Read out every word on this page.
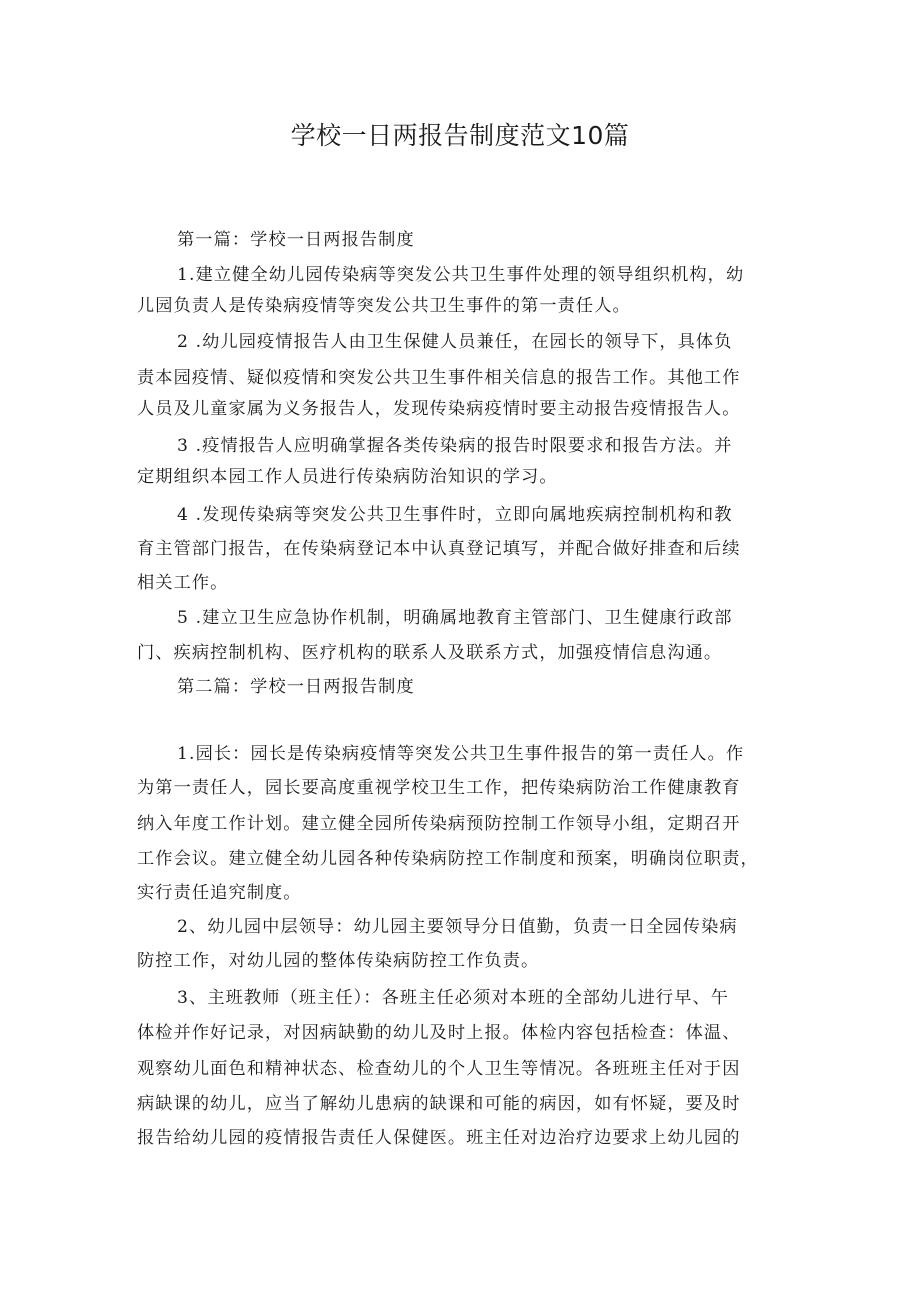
学校一日两报告制度范文10篇
第一篇：学校一日两报告制度
1.建立健全幼儿园传染病等突发公共卫生事件处理的领导组织机构，幼
儿园负责人是传染病疫情等突发公共卫生事件的第一责任人。
2 .幼儿园疫情报告人由卫生保健人员兼任，在园长的领导下，具体负
责本园疫情、疑似疫情和突发公共卫生事件相关信息的报告工作。其他工作
人员及儿童家属为义务报告人，发现传染病疫情时要主动报告疫情报告人。
3 .疫情报告人应明确掌握各类传染病的报告时限要求和报告方法。并
定期组织本园工作人员进行传染病防治知识的学习。
4 .发现传染病等突发公共卫生事件时，立即向属地疾病控制机构和教
育主管部门报告，在传染病登记本中认真登记填写，并配合做好排查和后续
相关工作。
5 .建立卫生应急协作机制，明确属地教育主管部门、卫生健康行政部
门、疾病控制机构、医疗机构的联系人及联系方式，加强疫情信息沟通。
第二篇：学校一日两报告制度
1.园长：园长是传染病疫情等突发公共卫生事件报告的第一责任人。作
为第一责任人，园长要高度重视学校卫生工作，把传染病防治工作健康教育
纳入年度工作计划。建立健全园所传染病预防控制工作领导小组，定期召开
工作会议。建立健全幼儿园各种传染病防控工作制度和预案，明确岗位职责，
实行责任追究制度。
2、幼儿园中层领导：幼儿园主要领导分日值勤，负责一日全园传染病
防控工作，对幼儿园的整体传染病防控工作负责。
3、主班教师（班主任）：各班主任必须对本班的全部幼儿进行早、午
体检并作好记录，对因病缺勤的幼儿及时上报。体检内容包括检查：体温、
观察幼儿面色和精神状态、检查幼儿的个人卫生等情况。各班班主任对于因
病缺课的幼儿，应当了解幼儿患病的缺课和可能的病因，如有怀疑，要及时
报告给幼儿园的疫情报告责任人保健医。班主任对边治疗边要求上幼儿园的
